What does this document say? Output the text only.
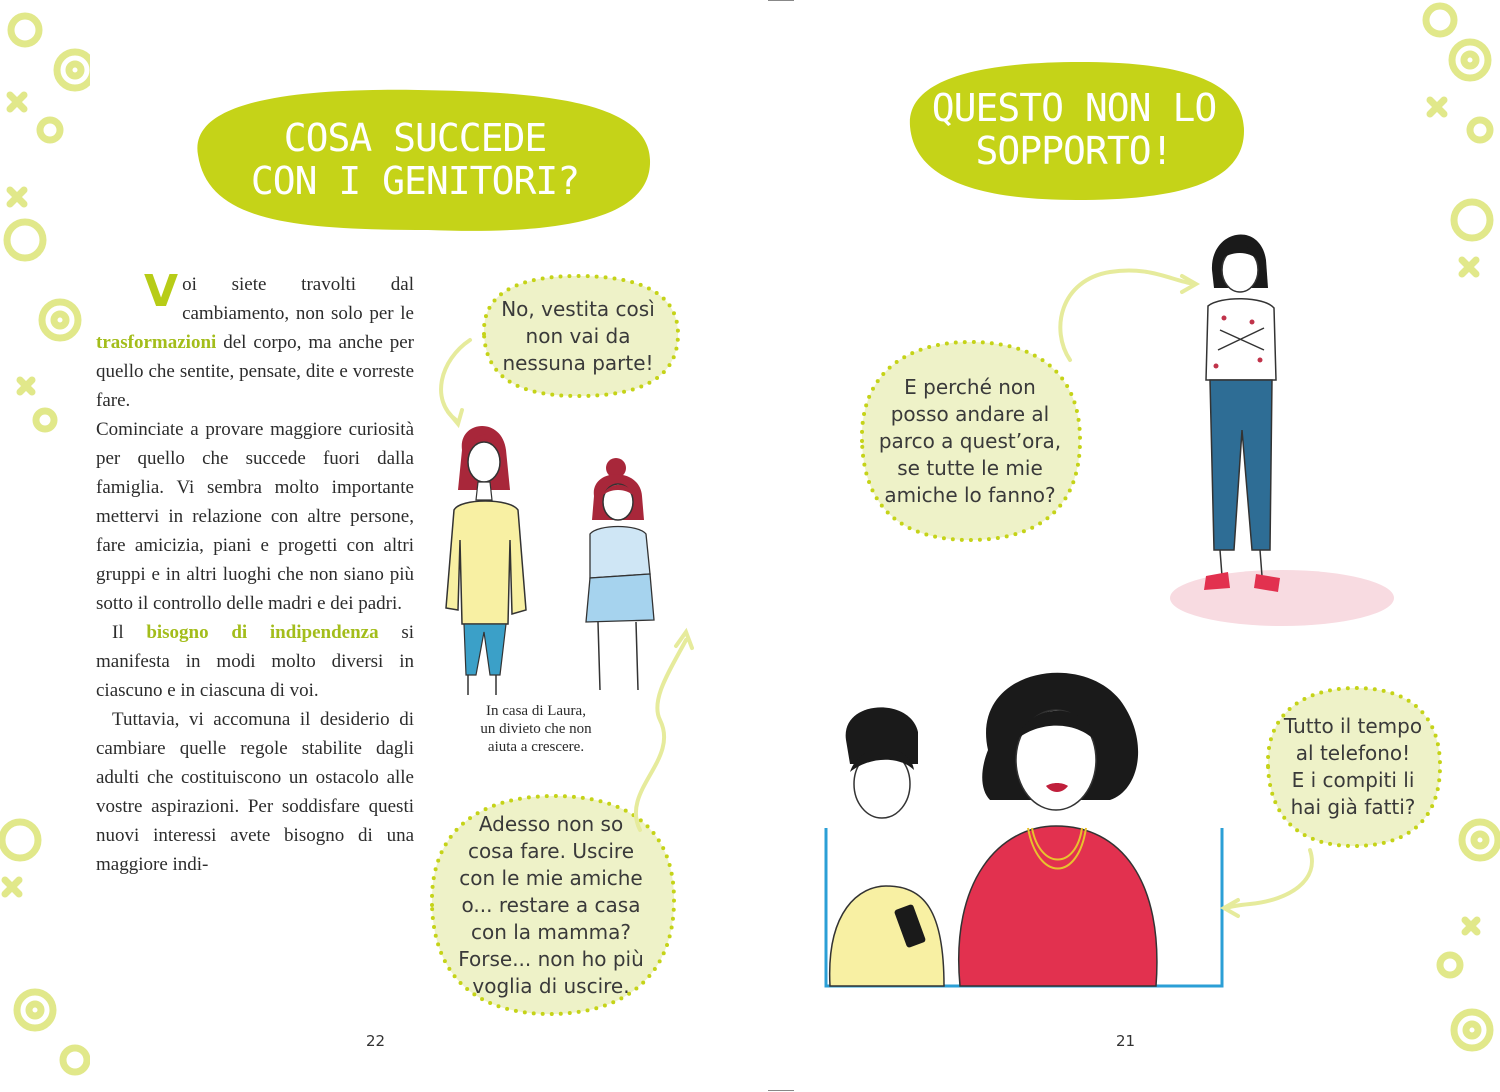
COSA SUCCEDE
CON I GENITORI?

Voi siete travolti dal cambiamento, non solo per le trasformazioni del corpo, ma anche per quello che sentite, pensate, dite e vorreste fare.

Cominciate a provare maggiore curiosità per quello che succede fuori dalla famiglia. Vi sembra molto importante mettervi in relazione con altre persone, fare amicizia, piani e progetti con altri gruppi e in altri luoghi che non siano più sotto il controllo delle madri e dei padri.

Il bisogno di indipendenza si manifesta in modi molto diversi in ciascuno e in ciascuna di voi.

Tuttavia, vi accomuna il desiderio di cambiare quelle regole stabilite dagli adulti che costituiscono un ostacolo alle vostre aspirazioni. Per soddisfare questi nuovi interessi avete bisogno di una maggiore indi-

No, vestita così
non vai da
nessuna parte!
In casa di Laura,
un divieto che non
aiuta a crescere.
Adesso non so
cosa fare. Uscire
con le mie amiche
o... restare a casa
con la mamma?
Forse... non ho più
voglia di uscire.
22
QUESTO NON LO
SOPPORTO!
E perché non
posso andare al
parco a quest’ora,
se tutte le mie
amiche lo fanno?
Tutto il tempo
al telefono!
E i compiti li
hai già fatti?
21
